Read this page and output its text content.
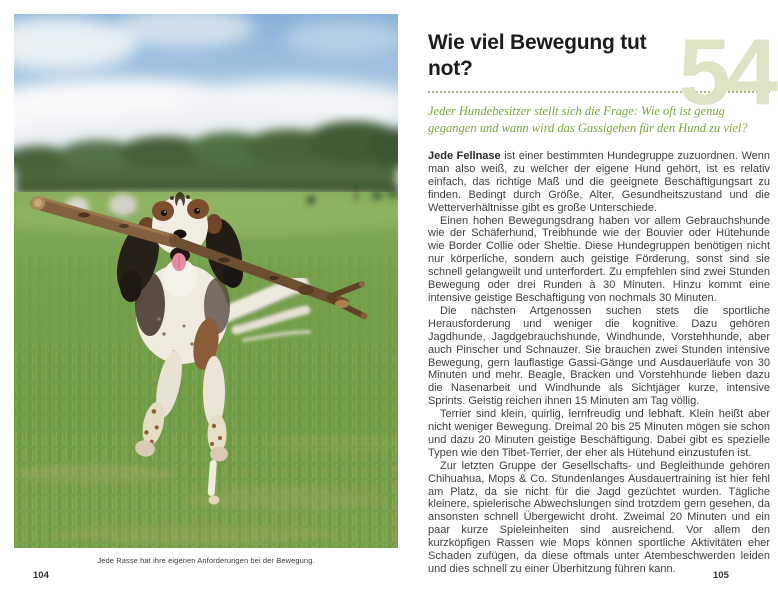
Jede Rasse hat ihre eigenen Anforderungen bei der Bewegung.
104
54
Wie viel Bewegung tut not?

Jeder Hundebesitzer stellt sich die Frage: Wie oft ist genug gegangen und wann wird das Gassigehen für den Hund zu viel?

Jede Fellnase ist einer bestimmten Hundegruppe zuzuordnen. Wenn man also weiß, zu welcher der eigene Hund gehört, ist es relativ einfach, das richtige Maß und die geeignete Beschäftigungsart zu finden. Bedingt durch Größe, Alter, Gesundheitszustand und die Wetterverhältnisse gibt es große Unterschiede.

Einen hohen Bewegungsdrang haben vor allem Gebrauchshunde wie der Schäferhund, Treibhunde wie der Bouvier oder Hütehunde wie Border Collie oder Sheltie. Diese Hundegruppen benötigen nicht nur körperliche, sondern auch geistige Förderung, sonst sind sie schnell gelangweilt und unterfordert. Zu empfehlen sind zwei Stunden Bewegung oder drei Runden à 30 Minuten. Hinzu kommt eine intensive geistige Beschäftigung von nochmals 30 Minuten.

Die nächsten Artgenossen suchen stets die sportliche Herausforderung und weniger die kognitive. Dazu gehören Jagdhunde, Jagdgebrauchshunde, Windhunde, Vorstehhunde, aber auch Pinscher und Schnauzer. Sie brauchen zwei Stunden intensive Bewegung, gern lauflastige Gassi-Gänge und Ausdauerläufe von 30 Minuten und mehr. Beagle, Bracken und Vorstehhunde lieben dazu die Nasenarbeit und Windhunde als Sichtjäger kurze, intensive Sprints. Geistig reichen ihnen 15 Minuten am Tag völlig.

Terrier sind klein, quirlig, lernfreudig und lebhaft. Klein heißt aber nicht weniger Bewegung. Dreimal 20 bis 25 Minuten mögen sie schon und dazu 20 Minuten geistige Beschäftigung. Dabei gibt es spezielle Typen wie den Tibet-Terrier, der eher als Hütehund einzustufen ist.

Zur letzten Gruppe der Gesellschafts- und Begleithunde gehören Chihuahua, Mops & Co. Stundenlanges Ausdauertraining ist hier fehl am Platz, da sie nicht für die Jagd gezüchtet wurden. Tägliche kleinere, spielerische Abwechslungen sind trotzdem gern gesehen, da ansonsten schnell Übergewicht droht. Zweimal 20 Minuten und ein paar kurze Spieleinheiten sind ausreichend. Vor allem den kurzköpfigen Rassen wie Mops können sportliche Aktivitäten eher Schaden zufügen, da diese oftmals unter Atembeschwerden leiden und dies schnell zu einer Überhitzung führen kann.

105
